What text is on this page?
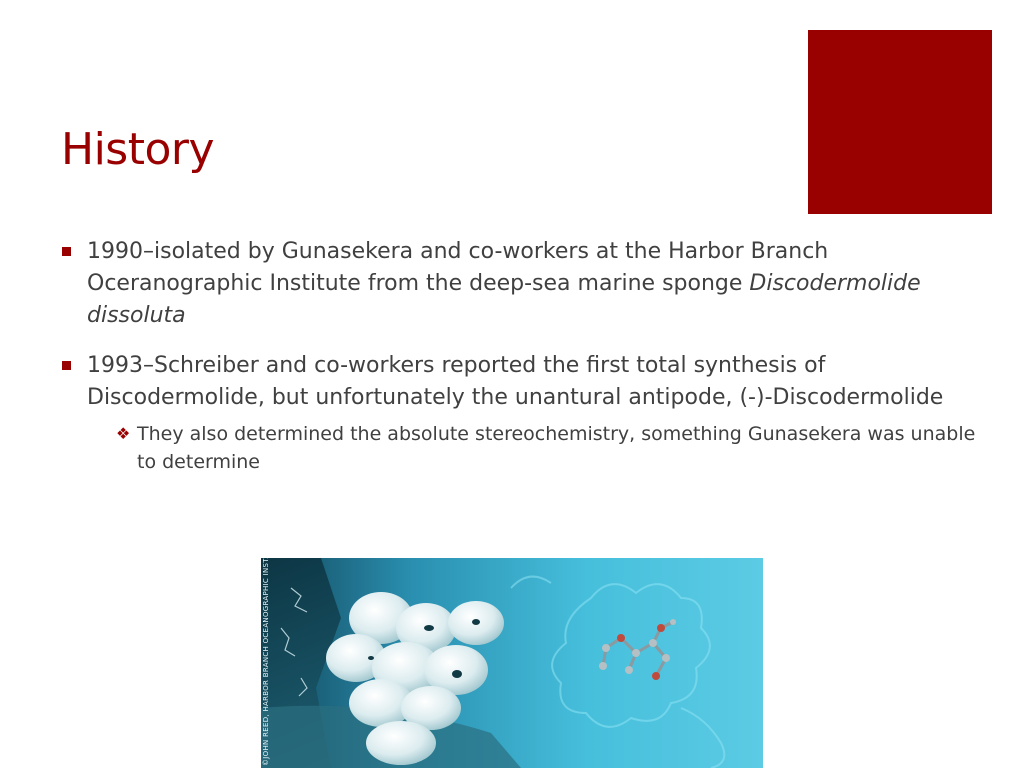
History
1990–isolated by Gunasekera and co-workers at the Harbor Branch Oceranographic Institute from the deep-sea marine sponge Discodermolide dissoluta
1993–Schreiber and co-workers reported the first total synthesis of Discodermolide, but unfortunately the unantural antipode, (-)-Discodermolide
❖ They also determined the absolute stereochemistry, something Gunasekera was unable to determine
©JOHN REED, HARBOR BRANCH OCEANOGRAPHIC INST.
